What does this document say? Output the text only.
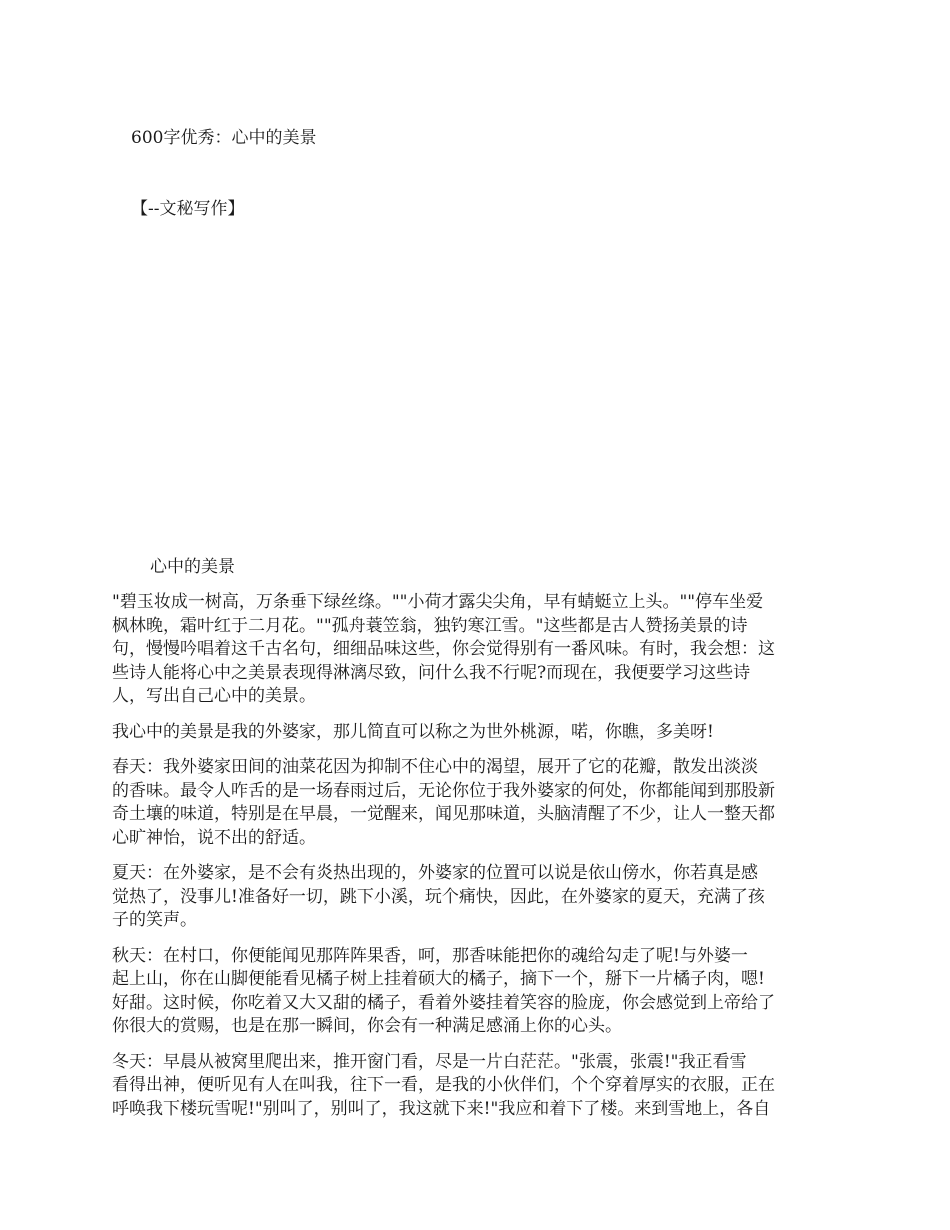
600字优秀：心中的美景
【--文秘写作】
心中的美景

"碧玉妆成一树高，万条垂下绿丝绦。""小荷才露尖尖角，早有蜻蜓立上头。""停车坐爱
枫林晚，霜叶红于二月花。""孤舟蓑笠翁，独钓寒江雪。"这些都是古人赞扬美景的诗
句，慢慢吟唱着这千古名句，细细品味这些，你会觉得别有一番风味。有时，我会想：这
些诗人能将心中之美景表现得淋漓尽致，问什么我不行呢?而现在，我便要学习这些诗
人，写出自己心中的美景。

我心中的美景是我的外婆家，那儿简直可以称之为世外桃源，喏，你瞧，多美呀!

春天：我外婆家田间的油菜花因为抑制不住心中的渴望，展开了它的花瓣，散发出淡淡
的香味。最令人咋舌的是一场春雨过后，无论你位于我外婆家的何处，你都能闻到那股新
奇土壤的味道，特别是在早晨，一觉醒来，闻见那味道，头脑清醒了不少，让人一整天都
心旷神怡，说不出的舒适。

夏天：在外婆家，是不会有炎热出现的，外婆家的位置可以说是依山傍水，你若真是感
觉热了，没事儿!准备好一切，跳下小溪，玩个痛快，因此，在外婆家的夏天，充满了孩
子的笑声。

秋天：在村口，你便能闻见那阵阵果香，呵，那香味能把你的魂给勾走了呢!与外婆一
起上山，你在山脚便能看见橘子树上挂着硕大的橘子，摘下一个，掰下一片橘子肉，嗯!
好甜。这时候，你吃着又大又甜的橘子，看着外婆挂着笑容的脸庞，你会感觉到上帝给了
你很大的赏赐，也是在那一瞬间，你会有一种满足感涌上你的心头。

冬天：早晨从被窝里爬出来，推开窗门看，尽是一片白茫茫。"张震，张震!"我正看雪
看得出神，便听见有人在叫我，往下一看，是我的小伙伴们，个个穿着厚实的衣服，正在
呼唤我下楼玩雪呢!"别叫了，别叫了，我这就下来!"我应和着下了楼。来到雪地上，各自
